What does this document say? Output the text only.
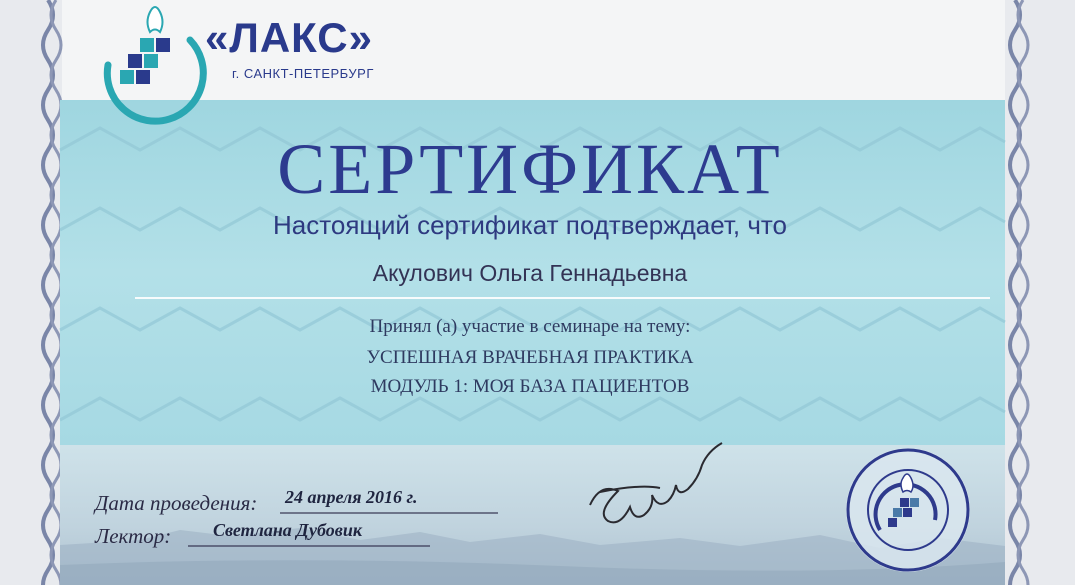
«ЛАКС»
г. САНКТ-ПЕТЕРБУРГ
СЕРТИФИКАТ
Настоящий сертификат подтверждает, что
Акулович Ольга Геннадьевна
Принял (а) участие в семинаре на тему:
УСПЕШНАЯ ВРАЧЕБНАЯ ПРАКТИКА
МОДУЛЬ 1: МОЯ БАЗА ПАЦИЕНТОВ
Дата проведения: 24 апреля 2016 г.
Лектор: Светлана Дубовик
